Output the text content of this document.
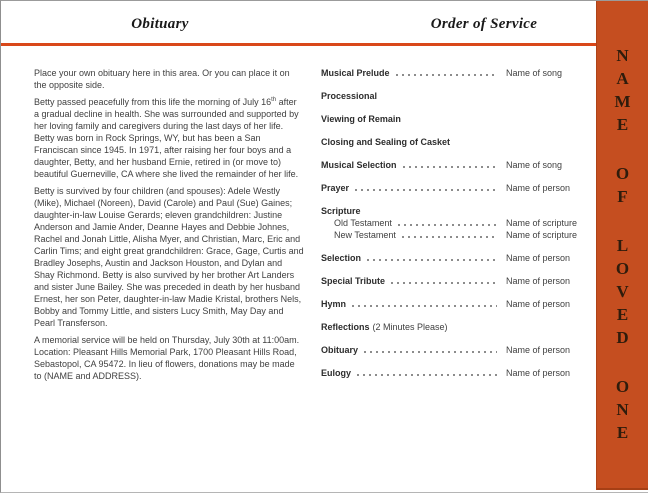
Obituary	Order of Service

Place your own obituary here in this area. Or you can place it on the opposite side.

Betty passed peacefully from this life the morning of July 16th after a gradual decline in health. She was surrounded and supported by her loving family and caregivers during the last days of her life. Betty was born in Rock Springs, WY, but has been a San Franciscan since 1945. In 1971, after raising her four boys and a daughter, Betty, and her husband Ernie, retired in (or move to) beautiful Guerneville, CA where she lived the remainder of her life.

Betty is survived by four children (and spouses): Adele Westly (Mike), Michael (Noreen), David (Carole) and Paul (Sue) Gaines; daughter-in-law Louise Gerards; eleven grandchildren: Justine Anderson and Jamie Ander, Deanne Hayes and Debbie Johnes, Rachel and Jonah Little, Alisha Myer, and Christian, Marc, Eric and Carlin Tims; and eight great grandchildren: Grace, Gage, Curtis and Bradley Josephs, Austin and Jackson Houston, and Dylan and Shay Richmond. Betty is also survived by her brother Art Landers and sister June Bailey. She was preceded in death by her husband Ernest, her son Peter, daughter-in-law Madie Kristal, brothers Nels, Bobby and Tommy Little, and sisters Lucy Smith, May Day and Pearl Transferson.

A memorial service will be held on Thursday, July 30th at 11:00am. Location: Pleasant Hills Memorial Park, 1700 Pleasant Hills Road, Sebastopol, CA 95472. In lieu of flowers, donations may be made to (NAME and ADDRESS).

Musical Prelude	Name of song
Processional
Viewing of Remain
Closing and Sealing of Casket
Musical Selection	Name of song
Prayer	Name of person
Scripture
Old Testament	Name of scripture
New Testament	Name of scripture
Selection	Name of person
Special Tribute	Name of person
Hymn	Name of person
Reflections (2 Minutes Please)
Obituary	Name of person
Eulogy	Name of person
N
A
M
E
O
F
L
O
V
E
D
O
N
E
